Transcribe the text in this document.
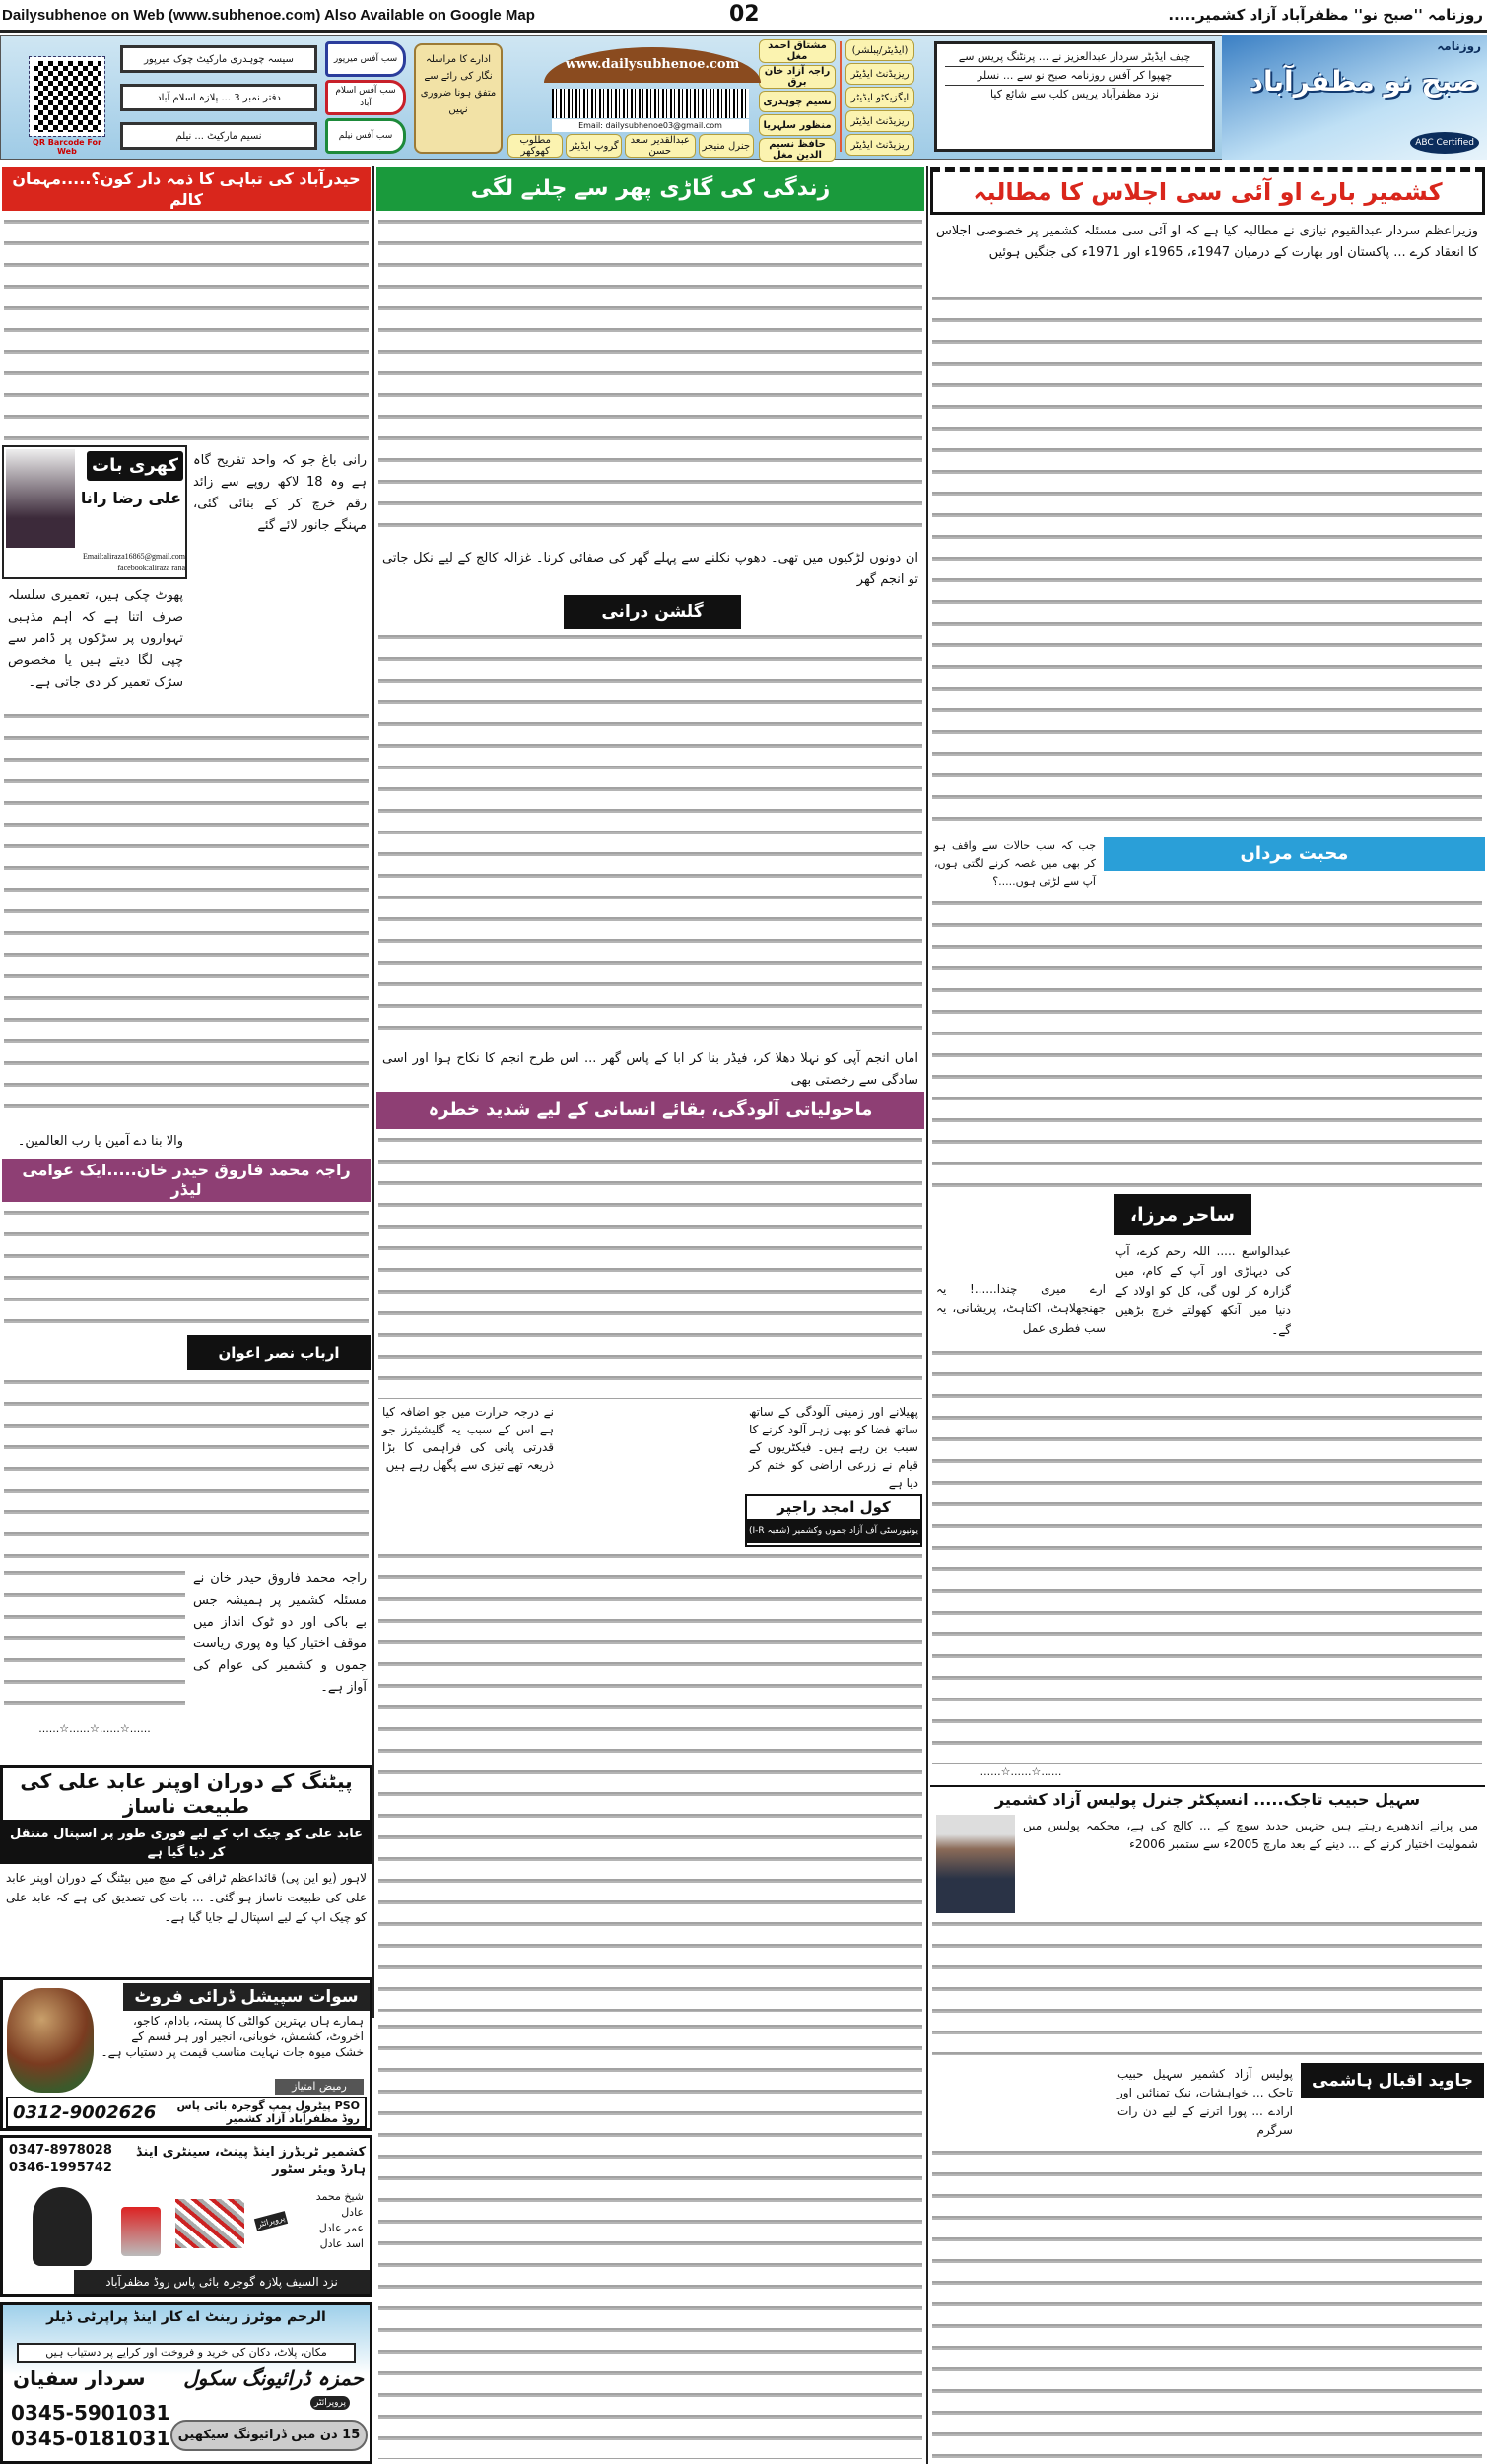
Dailysubhenoe on Web (www.subhenoe.com) Also Available on Google Map	02	روزنامہ ''صبح نو'' مظفرآباد آزاد کشمیر.....
روزنامہ
صبح نو مظفرآباد
ABC Certified
چیف ایڈیٹر سردار عبدالعزیز نے ... پرنٹنگ پریس سے
چھپوا کر آفس روزنامہ صبح نو سے ... نسلر
نزد مظفرآباد پریس کلب سے شائع کیا
(ایڈیٹر/پبلشر)
ریزیڈنٹ ایڈیٹر
ایگزیکٹو ایڈیٹر
ریزیڈنٹ ایڈیٹر
ریزیڈنٹ ایڈیٹر
مشتاق احمد مغل
راجہ آزاد خان برق
نسیم چوہدری
منظور سلہریا
حافظ نسیم الدین مغل
جنرل منیجر
عبدالقدیر سعد حسن
گروپ ایڈیٹر
مطلوب کھوکھر
www.dailysubhenoe.com
Email: dailysubhenoe03@gmail.com
ادارے کا مراسلہ نگار کی رائے سے متفق ہونا ضروری نہیں
سب آفس میرپور
سب آفس اسلام آباد
سب آفس نیلم
سیسہ چوہدری مارکیٹ چوک میرپور
دفتر نمبر 3 ... پلازہ اسلام آباد
نسیم مارکیٹ ... نیلم
QR Barcode For Web
حیدرآباد کی تباہی کا ذمہ دار کون؟.....مہمان کالم
کھری بات
علی رضا رانا
Email:aliraza16865@gmail.com
facebook:aliraza rana
رانی باغ جو کہ واحد تفریح گاہ ہے وہ 18 لاکھ روپے سے زائد رقم خرچ کر کے بنائی گئی، مہنگے جانور لائے گئے
پھوٹ چکی ہیں، تعمیری سلسلہ صرف اتنا ہے کہ اہم مذہبی تہواروں پر سڑکوں پر ڈامر سے چپی لگا دیتے ہیں یا مخصوص سڑک تعمیر کر دی جاتی ہے۔
والا بنا دے آمین یا رب العالمین۔
راجہ محمد فاروق حیدر خان.....ایک عوامی لیڈر
ارباب نصر اعوان
راجہ محمد فاروق حیدر خان نے مسئلہ کشمیر پر ہمیشہ جس بے باکی اور دو ٹوک انداز میں موقف اختیار کیا وہ پوری ریاست جموں و کشمیر کی عوام کی آواز ہے۔
......☆......☆......☆......
پیٹنگ کے دوران اوپنر عابد علی کی طبیعت ناساز
عابد علی کو چیک اپ کے لیے فوری طور پر اسپتال منتقل کر دیا گیا ہے
لاہور (یو این پی) قائداعظم ٹرافی کے میچ میں بیٹنگ کے دوران اوپنر عابد علی کی طبیعت ناساز ہو گئی۔ ... بات کی تصدیق کی ہے کہ عابد علی کو چیک اپ کے لیے اسپتال لے جایا گیا ہے۔
سوات سپیشل ڈرائی فروٹ
ہمارے ہاں بہترین کوالٹی کا پستہ، بادام، کاجو، اخروٹ، کشمش، خوبانی، انجیر اور ہر قسم کے خشک میوہ جات نہایت مناسب قیمت پر دستیاب ہے۔
رمیض امتیاز
0312-9002626	PSO پیٹرول پمپ گوجرہ بائی پاس روڈ مظفرآباد آزاد کشمیر
0347-8978028
0346-1995742
کشمیر ٹریڈرز اینڈ پینٹ، سینٹری اینڈ ہارڈ ویئر سٹور
شیخ محمد عادل
عمر عادل
اسد عادل
پروپرائٹر
نزد السیف پلازہ گوجرہ بائی پاس روڈ مظفرآباد
الرحم موٹرز رینٹ اے کار اینڈ پراپرٹی ڈیلر
مکان، پلاٹ، دکان کی خرید و فروخت اور کرایے پر دستیاب ہیں
حمزہ ڈرائیونگ سکول
پروپرائٹر
سردار سفیان
0345-5901031
0345-0181031 15 دن میں ڈرائیونگ سیکھیں
زندگی کی گاڑی پھر سے چلنے لگی
ان دونوں لڑکیوں میں تھی۔ دھوپ نکلنے سے پہلے گھر کی صفائی کرنا۔ غزالہ کالج کے لیے نکل جاتی تو انجم گھر
گلشن درانی
اماں انجم آپی کو نہلا دھلا کر، فیڈر بنا کر ابا کے پاس گھر ... اس طرح انجم کا نکاح ہوا اور اسی سادگی سے رخصتی بھی
ماحولیاتی آلودگی، بقائے انسانی کے لیے شدید خطرہ
پھیلانے اور زمینی آلودگی کے ساتھ ساتھ فضا کو بھی زہر آلود کرنے کا سبب بن رہے ہیں۔ فیکٹریوں کے قیام نے زرعی اراضی کو ختم کر دیا ہے
نے درجہ حرارت میں جو اضافہ کیا ہے اس کے سبب یہ گلیشیئرز جو قدرتی پانی کی فراہمی کا بڑا ذریعہ تھے تیزی سے پگھل رہے ہیں
کول امجد راجپر
یونیورسٹی آف آزاد جموں وکشمیر (شعبہ I-R)
کشمیر بارے او آئی سی اجلاس کا مطالبہ
وزیراعظم سردار عبدالقیوم نیازی نے مطالبہ کیا ہے کہ او آئی سی مسئلہ کشمیر پر خصوصی اجلاس کا انعقاد کرے ... پاکستان اور بھارت کے درمیان 1947ء، 1965ء اور 1971ء کی جنگیں ہوئیں
محبت مرداں
جب کہ سب حالات سے واقف ہو کر بھی میں غصہ کرنے لگتی ہوں، آپ سے لڑتی ہوں.....؟
ساحر مرزا،
عبدالواسع ..... اللہ رحم کرے، آپ کی دیہاڑی اور آپ کے کام، میں گزارہ کر لوں گی، کل کو اولاد کے دنیا میں آنکھ کھولتے خرچ بڑھیں گے۔
ارے میری چندا......! یہ جھنجھلاہٹ، اکتاہٹ، پریشانی، یہ سب فطری عمل
......☆......☆......
سہیل حبیب تاجک..... انسپکٹر جنرل پولیس آزاد کشمیر
میں پرانے اندھیرے رہتے ہیں جنہیں جدید سوچ کے ... کالج کی ہے، محکمہ پولیس میں شمولیت اختیار کرنے کے ... دینے کے بعد مارچ 2005ء سے ستمبر 2006ء
جاوید اقبال ہاشمی
پولیس آزاد کشمیر سہیل حبیب تاجک ... خواہشات، نیک تمنائیں اور ارادے ... پورا اترنے کے لیے دن رات سرگرم
